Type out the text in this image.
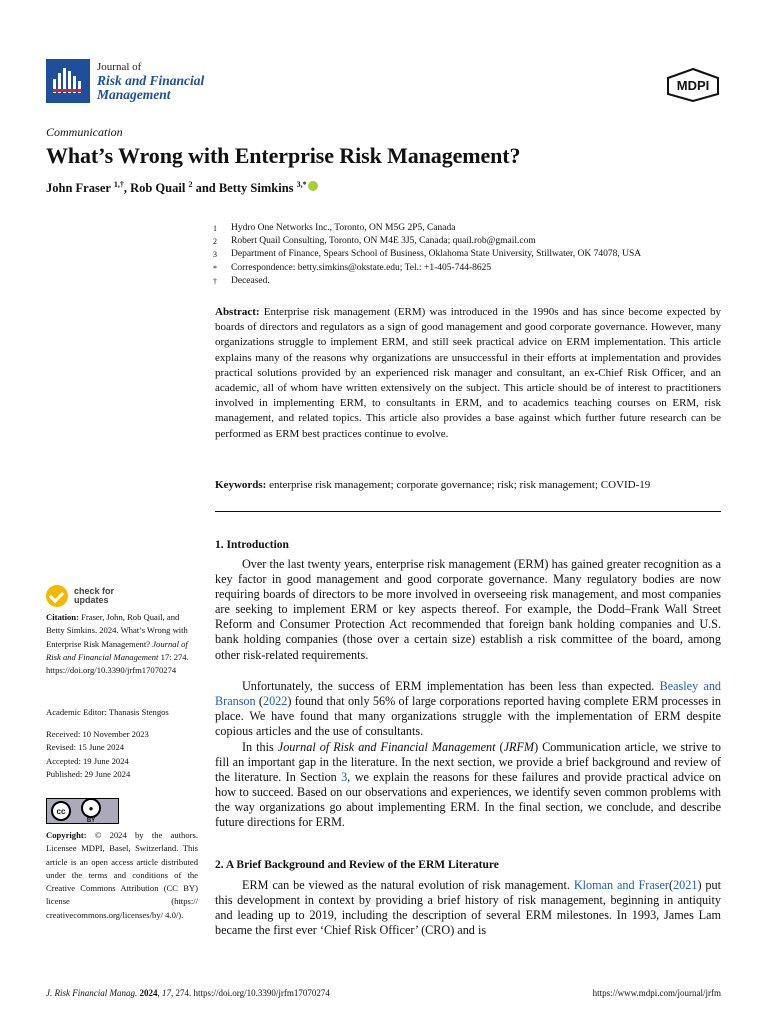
Journal of
Risk and Financial
Management
MDPI
Communication
What’s Wrong with Enterprise Risk Management?
John Fraser $^{1,\dagger}$, Rob Quail $^2$ and Betty Simkins $^{3,*}$
1	Hydro One Networks Inc., Toronto, ON M5G 2P5, Canada
2	Robert Quail Consulting, Toronto, ON M4E 3J5, Canada; quail.rob@gmail.com
3	Department of Finance, Spears School of Business, Oklahoma State University, Stillwater, OK 74078, USA
*	Correspondence: betty.simkins@okstate.edu; Tel.: +1-405-744-8625
†	Deceased.
Abstract: Enterprise risk management (ERM) was introduced in the 1990s and has since become expected by boards of directors and regulators as a sign of good management and good corporate governance. However, many organizations struggle to implement ERM, and still seek practical advice on ERM implementation. This article explains many of the reasons why organizations are unsuccessful in their efforts at implementation and provides practical solutions provided by an experienced risk manager and consultant, an ex-Chief Risk Officer, and an academic, all of whom have written extensively on the subject. This article should be of interest to practitioners involved in implementing ERM, to consultants in ERM, and to academics teaching courses on ERM, risk management, and related topics. This article also provides a base against which further future research can be performed as ERM best practices continue to evolve.
Keywords: enterprise risk management; corporate governance; risk; risk management; COVID-19
check for
updates
Citation: Fraser, John, Rob Quail, and Betty Simkins. 2024. What’s Wrong with Enterprise Risk Management? Journal of Risk and Financial Management 17: 274. https://doi.org/10.3390/jrfm17070274
Academic Editor: Thanasis Stengos
Received: 10 November 2023
Revised: 15 June 2024
Accepted: 19 June 2024
Published: 29 June 2024
cc	●
BY
Copyright: © 2024 by the authors. Licensee MDPI, Basel, Switzerland. This article is an open access article distributed under the terms and conditions of the Creative Commons Attribution (CC BY) license (https:// creativecommons.org/licenses/by/ 4.0/).
1. Introduction
Over the last twenty years, enterprise risk management (ERM) has gained greater recognition as a key factor in good management and good corporate governance. Many regulatory bodies are now requiring boards of directors to be more involved in overseeing risk management, and most companies are seeking to implement ERM or key aspects thereof. For example, the Dodd–Frank Wall Street Reform and Consumer Protection Act recommended that foreign bank holding companies and U.S. bank holding companies (those over a certain size) establish a risk committee of the board, among other risk-related requirements.
Unfortunately, the success of ERM implementation has been less than expected. Beasley and Branson (2022) found that only 56% of large corporations reported having complete ERM processes in place. We have found that many organizations struggle with the implementation of ERM despite copious articles and the use of consultants.
In this Journal of Risk and Financial Management (JRFM) Communication article, we strive to fill an important gap in the literature. In the next section, we provide a brief background and review of the literature. In Section 3, we explain the reasons for these failures and provide practical advice on how to succeed. Based on our observations and experiences, we identify seven common problems with the way organizations go about implementing ERM. In the final section, we conclude, and describe future directions for ERM.
2. A Brief Background and Review of the ERM Literature
ERM can be viewed as the natural evolution of risk management. Kloman and Fraser(2021) put this development in context by providing a brief history of risk management, beginning in antiquity and leading up to 2019, including the description of several ERM milestones. In 1993, James Lam became the first ever ‘Chief Risk Officer’ (CRO) and is
J. Risk Financial Manag. 2024, 17, 274. https://doi.org/10.3390/jrfm17070274	https://www.mdpi.com/journal/jrfm
